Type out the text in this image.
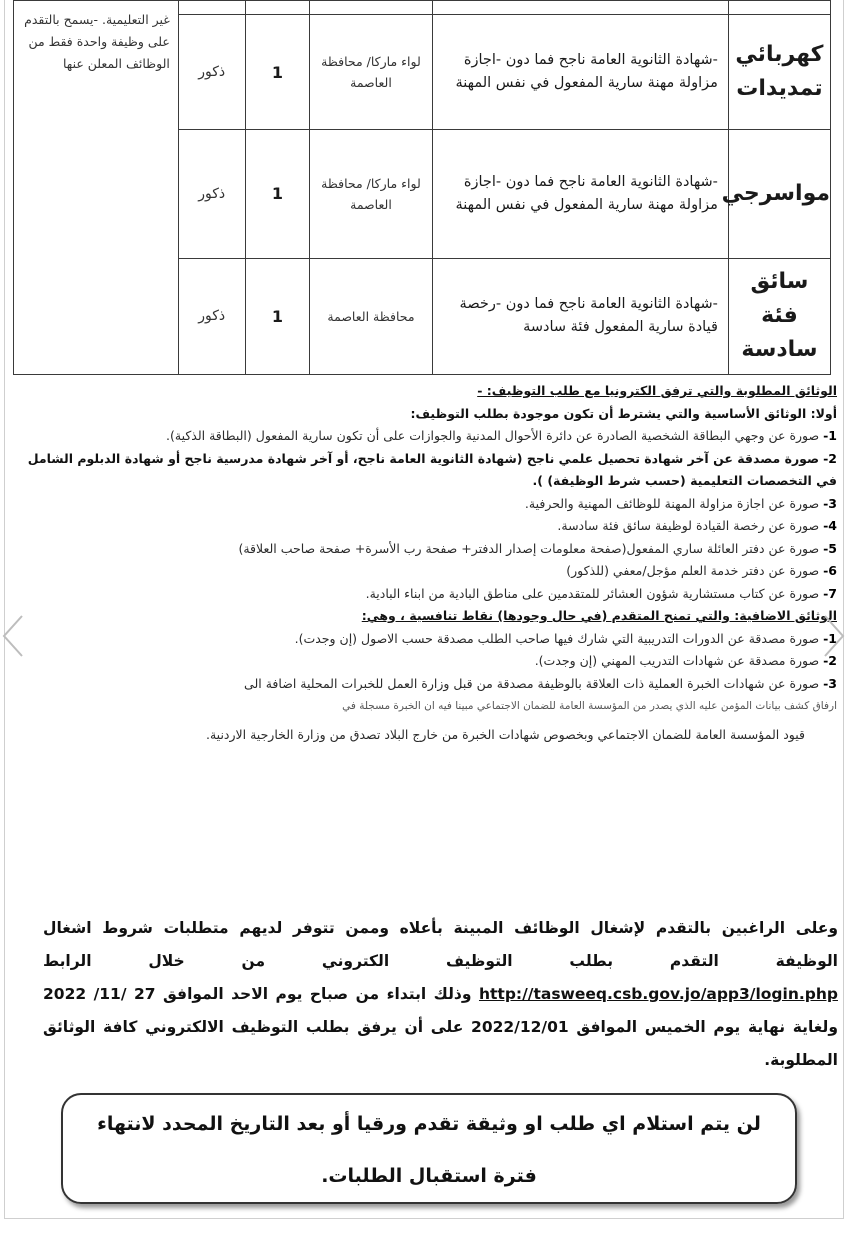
					غير التعليمية. -يسمح بالتقدم على وظيفة واحدة فقط من الوظائف المعلن عنها
كهربائي تمديدات	-شهادة الثانوية العامة ناجح فما دون -اجازة مزاولة مهنة سارية المفعول في نفس المهنة	لواء ماركا/ محافظة العاصمة	1	ذكور	
مواسرجي	-شهادة الثانوية العامة ناجح فما دون -اجازة مزاولة مهنة سارية المفعول في نفس المهنة	لواء ماركا/ محافظة العاصمة	1	ذكور	
سائق فئة سادسة	-شهادة الثانوية العامة ناجح فما دون -رخصة قيادة سارية المفعول فئة سادسة	محافظة العاصمة	1	ذكور	

الوثائق المطلوبة والتي ترفق الكترونيا مع طلب التوظيف: -

أولا: الوثائق الأساسية والتي يشترط أن تكون موجودة بطلب التوظيف:

1- صورة عن وجهي البطاقة الشخصية الصادرة عن دائرة الأحوال المدنية والجوازات على أن تكون سارية المفعول (البطاقة الذكية).

2- صورة مصدقة عن آخر شهادة تحصيل علمي ناجح (شهادة الثانوية العامة ناجح، أو آخر شهادة مدرسية ناجح أو شهادة الدبلوم الشامل في التخصصات التعليمية (حسب شرط الوظيفة) ).

3- صورة عن اجازة مزاولة المهنة للوظائف المهنية والحرفية.

4- صورة عن رخصة القيادة لوظيفة سائق فئة سادسة.

5- صورة عن دفتر العائلة ساري المفعول(صفحة معلومات إصدار الدفتر+ صفحة رب الأسرة+ صفحة صاحب العلاقة)

6- صورة عن دفتر خدمة العلم مؤجل/معفي (للذكور)

7- صورة عن كتاب مستشارية شؤون العشائر للمتقدمين على مناطق البادية من ابناء البادية.

الوثائق الاضافية: والتي تمنح المتقدم (في حال وجودها) نقاط تنافسية ، وهي:

1- صورة مصدقة عن الدورات التدريبية التي شارك فيها صاحب الطلب مصدقة حسب الاصول (إن وجدت).

2- صورة مصدقة عن شهادات التدريب المهني (إن وجدت).

3- صورة عن شهادات الخبرة العملية ذات العلاقة بالوظيفة مصدقة من قبل وزارة العمل للخبرات المحلية اضافة الى

ارفاق كشف بيانات المؤمن عليه الذي يصدر من المؤسسة العامة للضمان الاجتماعي مبينا فيه ان الخبرة مسجلة في

قيود المؤسسة العامة للضمان الاجتماعي وبخصوص شهادات الخبرة من خارج البلاد تصدق من وزارة الخارجية الاردنية.

وعلى الراغبين بالتقدم لإشغال الوظائف المبينة بأعلاه وممن تتوفر لديهم متطلبات شروط اشغال الوظيفة التقدم بطلب التوظيف الكتروني من خلال الرابط http://tasweeq.csb.gov.jo/app3/login.php وذلك ابتداء من صباح يوم الاحد الموافق 27 /11/ 2022 ولغاية نهاية يوم الخميس الموافق 2022/12/01 على أن يرفق بطلب التوظيف الالكتروني كافة الوثائق المطلوبة.
لن يتم استلام اي طلب او وثيقة تقدم ورقيا أو بعد التاريخ المحدد لانتهاء فترة استقبال الطلبات.
